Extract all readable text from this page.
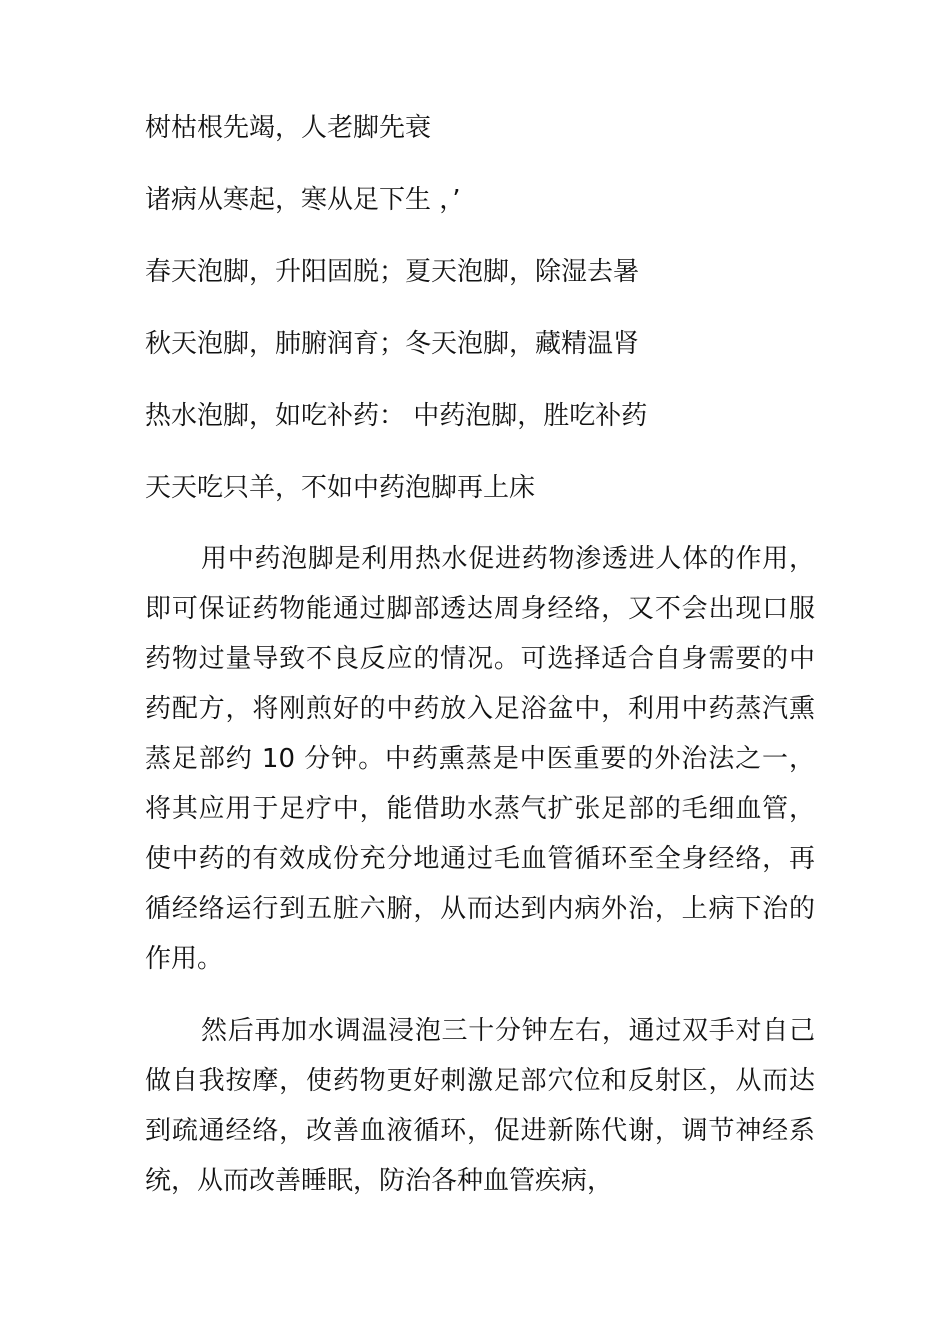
树枯根先竭，人老脚先衰

诸病从寒起，寒从足下生 ，’

春天泡脚，升阳固脱；夏天泡脚，除湿去暑

秋天泡脚，肺腑润育；冬天泡脚，藏精温肾

热水泡脚，如吃补药： 中药泡脚，胜吃补药

天天吃只羊，不如中药泡脚再上床

用中药泡脚是利用热水促进药物渗透进人体的作用，即可保证药物能通过脚部透达周身经络，又不会出现口服药物过量导致不良反应的情况。可选择适合自身需要的中药配方，将刚煎好的中药放入足浴盆中，利用中药蒸汽熏蒸足部约 10 分钟。中药熏蒸是中医重要的外治法之一，将其应用于足疗中，能借助水蒸气扩张足部的毛细血管，使中药的有效成份充分地通过毛血管循环至全身经络，再循经络运行到五脏六腑，从而达到内病外治，上病下治的作用。

然后再加水调温浸泡三十分钟左右，通过双手对自己做自我按摩，使药物更好刺激足部穴位和反射区，从而达到疏通经络，改善血液循环，促进新陈代谢，调节神经系统，从而改善睡眠，防治各种血管疾病，
